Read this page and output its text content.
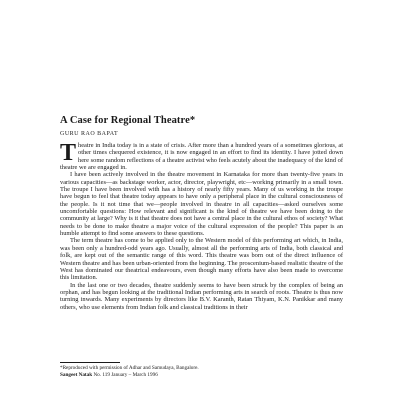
A Case for Regional Theatre*
GURU RAO BAPAT

Theatre in India today is in a state of crisis. After more than a hundred years of a sometimes glorious, at other times chequered existence, it is now engaged in an effort to find its identity. I have jotted down here some random reflections of a theatre activist who feels acutely about the inadequacy of the kind of theatre we are engaged in.

I have been actively involved in the theatre movement in Karnataka for more than twenty-five years in various capacities—as backstage worker, actor, director, playwright, etc—working primarily in a small town. The troupe I have been involved with has a history of nearly fifty years. Many of us working in the troupe have begun to feel that theatre today appears to have only a peripheral place in the cultural consciousness of the people. Is it not time that we—people involved in theatre in all capacities—asked ourselves some uncomfortable questions: How relevant and significant is the kind of theatre we have been doing to the community at large? Why is it that theatre does not have a central place in the cultural ethos of society? What needs to be done to make theatre a major voice of the cultural expression of the people? This paper is an humble attempt to find some answers to these questions.

The term theatre has come to be applied only to the Western model of this performing art which, in India, was been only a hundred-odd years ago. Usually, almost all the performing arts of India, both classical and folk, are kept out of the semantic range of this word. This theatre was born out of the direct influence of Western theatre and has been urban-oriented from the beginning. The proscenium-based realistic theatre of the West has dominated our theatrical endeavours, even though many efforts have also been made to overcome this limitation.

In the last one or two decades, theatre suddenly seems to have been struck by the complex of being an orphan, and has begun looking at the traditional Indian performing arts in search of roots. Theatre is thus now turning inwards. Many experiments by directors like B.V. Karanth, Ratan Thiyam, K.N. Panikkar and many others, who use elements from Indian folk and classical traditions in their

*Reproduced with permission of Adhar and Samudaya, Bangalore.
Sangeet Natak No. 119 January – March 1996
